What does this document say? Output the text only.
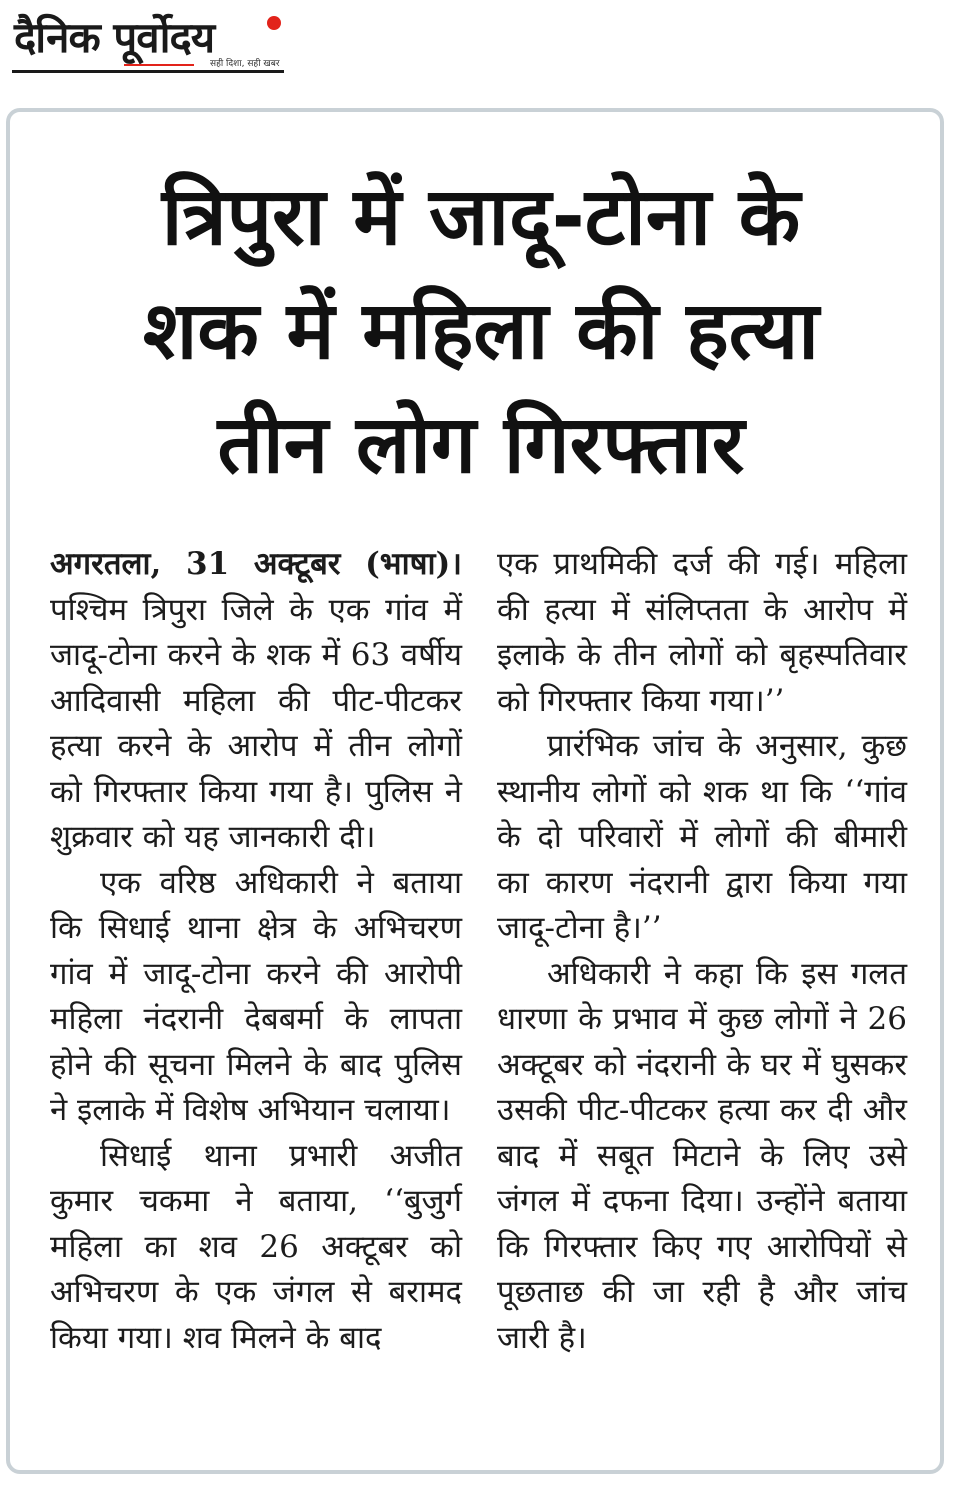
दैनिक पूर्वोदय
सही दिशा, सही खबर
त्रिपुरा में जादू-टोना के
शक में महिला की हत्या
तीन लोग गिरफ्तार

अगरतला, 31 अक्टूबर (भाषा)। पश्चिम त्रिपुरा जिले के एक गांव में जादू-टोना करने के शक में 63 वर्षीय आदिवासी महिला की पीट-पीटकर हत्या करने के आरोप में तीन लोगों को गिरफ्तार किया गया है। पुलिस ने शुक्रवार को यह जानकारी दी।

एक वरिष्ठ अधिकारी ने बताया कि सिधाई थाना क्षेत्र के अभिचरण गांव में जादू-टोना करने की आरोपी महिला नंदरानी देबबर्मा के लापता होने की सूचना मिलने के बाद पुलिस ने इलाके में विशेष अभियान चलाया।

सिधाई थाना प्रभारी अजीत कुमार चकमा ने बताया, ‘‘बुजुर्ग महिला का शव 26 अक्टूबर को अभिचरण के एक जंगल से बरामद किया गया। शव मिलने के बाद

एक प्राथमिकी दर्ज की गई। महिला की हत्या में संलिप्तता के आरोप में इलाके के तीन लोगों को बृहस्पतिवार को गिरफ्तार किया गया।’’

प्रारंभिक जांच के अनुसार, कुछ स्थानीय लोगों को शक था कि ‘‘गांव के दो परिवारों में लोगों की बीमारी का कारण नंदरानी द्वारा किया गया जादू-टोना है।’’

अधिकारी ने कहा कि इस गलत धारणा के प्रभाव में कुछ लोगों ने 26 अक्टूबर को नंदरानी के घर में घुसकर उसकी पीट-पीटकर हत्या कर दी और बाद में सबूत मिटाने के लिए उसे जंगल में दफना दिया। उन्होंने बताया कि गिरफ्तार किए गए आरोपियों से पूछताछ की जा रही है और जांच जारी है।
